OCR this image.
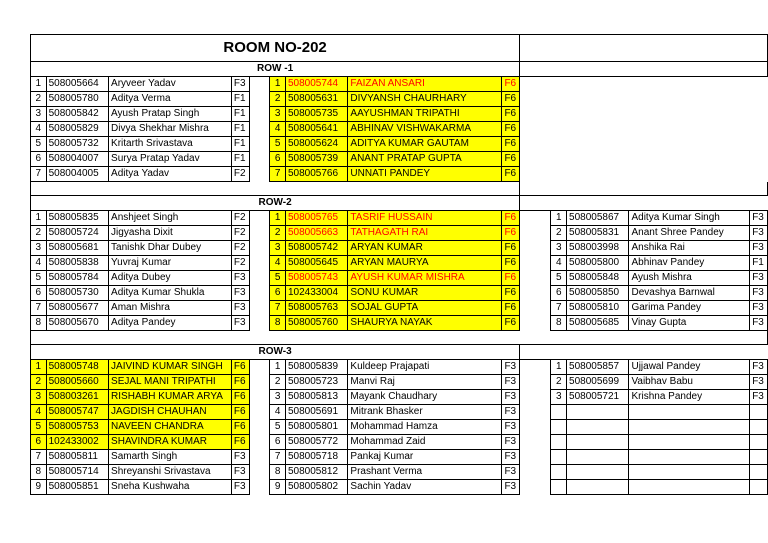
ROOM NO-202													
ROW -1													
1	508005664	Aryveer Yadav	F3		1	508005744	FAIZAN ANSARI	F6					
2	508005780	Aditya Verma	F1		2	508005631	DIVYANSH CHAURHARY	F6					
3	508005842	Ayush Pratap Singh	F1		3	508005735	AAYUSHMAN TRIPATHI	F6					
4	508005829	Divya Shekhar Mishra	F1		4	508005641	ABHINAV VISHWAKARMA	F6					
5	508005732	Kritarth Srivastava	F1		5	508005624	ADITYA KUMAR GAUTAM	F6					
6	508004007	Surya Pratap Yadav	F1		6	508005739	ANANT PRATAP GUPTA	F6					
7	508004005	Aditya Yadav	F2		7	508005766	UNNATI PANDEY	F6					

ROW-2													
1	508005835	Anshjeet Singh	F2		1	508005765	TASRIF HUSSAIN	F6		1	508005867	Aditya Kumar Singh	F3
2	508005724	Jigyasha Dixit	F2		2	508005663	TATHAGATH RAI	F6		2	508005831	Anant Shree Pandey	F3
3	508005681	Tanishk Dhar Dubey	F2		3	508005742	ARYAN KUMAR	F6		3	508003998	Anshika Rai	F3
4	508005838	Yuvraj Kumar	F2		4	508005645	ARYAN MAURYA	F6		4	508005800	Abhinav Pandey	F1
5	508005784	Aditya Dubey	F3		5	508005743	AYUSH KUMAR MISHRA	F6		5	508005848	Ayush Mishra	F3
6	508005730	Aditya Kumar Shukla	F3		6	102433004	SONU KUMAR	F6		6	508005850	Devashya Barnwal	F3
7	508005677	Aman Mishra	F3		7	508005763	SOJAL GUPTA	F6		7	508005810	Garima Pandey	F3
8	508005670	Aditya Pandey	F3		8	508005760	SHAURYA NAYAK	F6		8	508005685	Vinay Gupta	F3

ROW-3													
1	508005748	JAIVIND KUMAR SINGH	F6		1	508005839	Kuldeep Prajapati	F3		1	508005857	Ujjawal Pandey	F3
2	508005660	SEJAL MANI TRIPATHI	F6		2	508005723	Manvi Raj	F3		2	508005699	Vaibhav Babu	F3
3	508003261	RISHABH KUMAR ARYA	F6		3	508005813	Mayank Chaudhary	F3		3	508005721	Krishna Pandey	F3
4	508005747	JAGDISH CHAUHAN	F6		4	508005691	Mitrank Bhasker	F3					
5	508005753	NAVEEN CHANDRA	F6		5	508005801	Mohammad Hamza	F3					
6	102433002	SHAVINDRA KUMAR	F6		6	508005772	Mohammad Zaid	F3					
7	508005811	Samarth Singh	F3		7	508005718	Pankaj Kumar	F3					
8	508005714	Shreyanshi Srivastava	F3		8	508005812	Prashant Verma	F3					
9	508005851	Sneha Kushwaha	F3		9	508005802	Sachin Yadav	F3					
